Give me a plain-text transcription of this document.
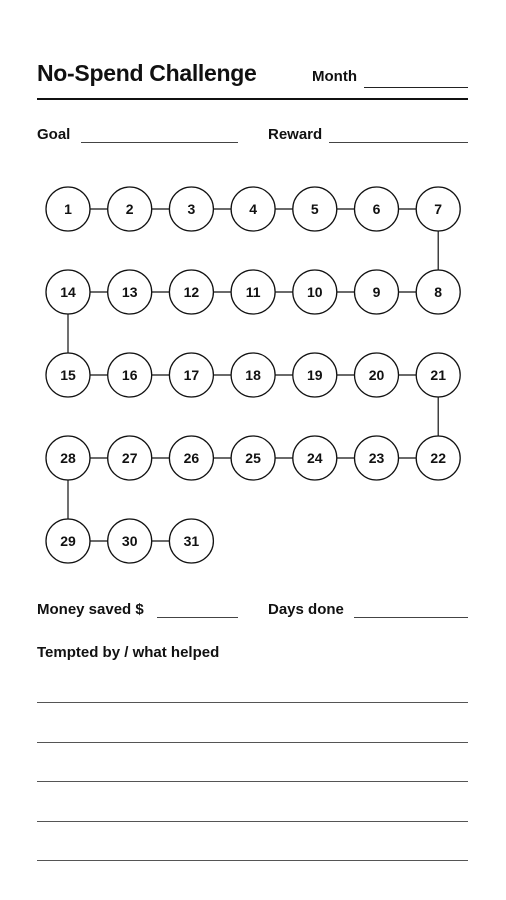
No-Spend Challenge	Month
Goal	Reward
1	2	3	4	5	6	7
8
9
10
11
12
13
14
15	16	17	18	19	20	21
22
23
24
25
26
27
28
29	30	31
Money saved $	Days done
Tempted by / what helped
